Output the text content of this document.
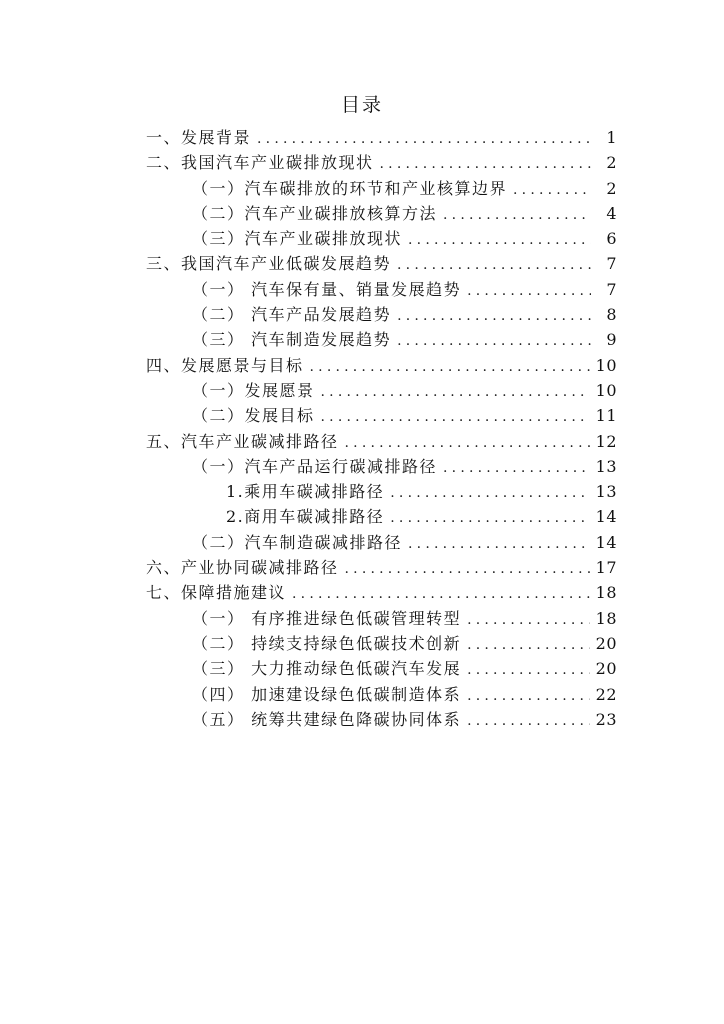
目录
一、发展背景 .....	1
二、我国汽车产业碳排放现状 .....	2
（一）汽车碳排放的环节和产业核算边界 .....	2
（二）汽车产业碳排放核算方法 .....	4
（三）汽车产业碳排放现状 .....	6
三、我国汽车产业低碳发展趋势 .....	7
（一） 汽车保有量、销量发展趋势 .....	7
（二） 汽车产品发展趋势 .....	8
（三） 汽车制造发展趋势 .....	9
四、发展愿景与目标 .....	10
（一）发展愿景 .....	10
（二）发展目标 .....	11
五、汽车产业碳减排路径 .....	12
（一）汽车产品运行碳减排路径 .....	13
1.乘用车碳减排路径 .....	13
2.商用车碳减排路径 .....	14
（二）汽车制造碳减排路径 .....	14
六、产业协同碳减排路径 .....	17
七、保障措施建议 .....	18
（一） 有序推进绿色低碳管理转型 .....	18
（二） 持续支持绿色低碳技术创新 .....	20
（三） 大力推动绿色低碳汽车发展 .....	20
（四） 加速建设绿色低碳制造体系 .....	22
（五） 统筹共建绿色降碳协同体系 .....	23
